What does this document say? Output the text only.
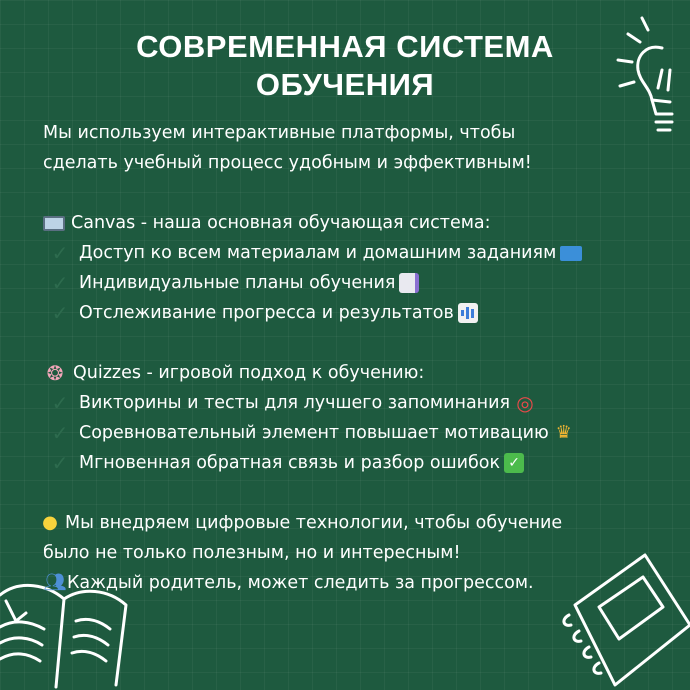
СОВРЕМЕННАЯ СИСТЕМА
ОБУЧЕНИЯ
Мы используем интерактивные платформы, чтобы
сделать учебный процесс удобным и эффективным!
Canvas - наша основная обучающая система:
✓ Доступ ко всем материалам и домашним заданиям
✓ Индивидуальные планы обучения
✓ Отслеживание прогресса и результатов
❂ Quizzes - игровой подход к обучению:
✓ Викторины и тесты для лучшего запоминания ◎
✓ Соревновательный элемент повышает мотивацию ♛
✓ Мгновенная обратная связь и разбор ошибок ✓
● Мы внедряем цифровые технологии, чтобы обучение
было не только полезным, но и интересным!
👥︎ Каждый родитель, может следить за прогрессом.
